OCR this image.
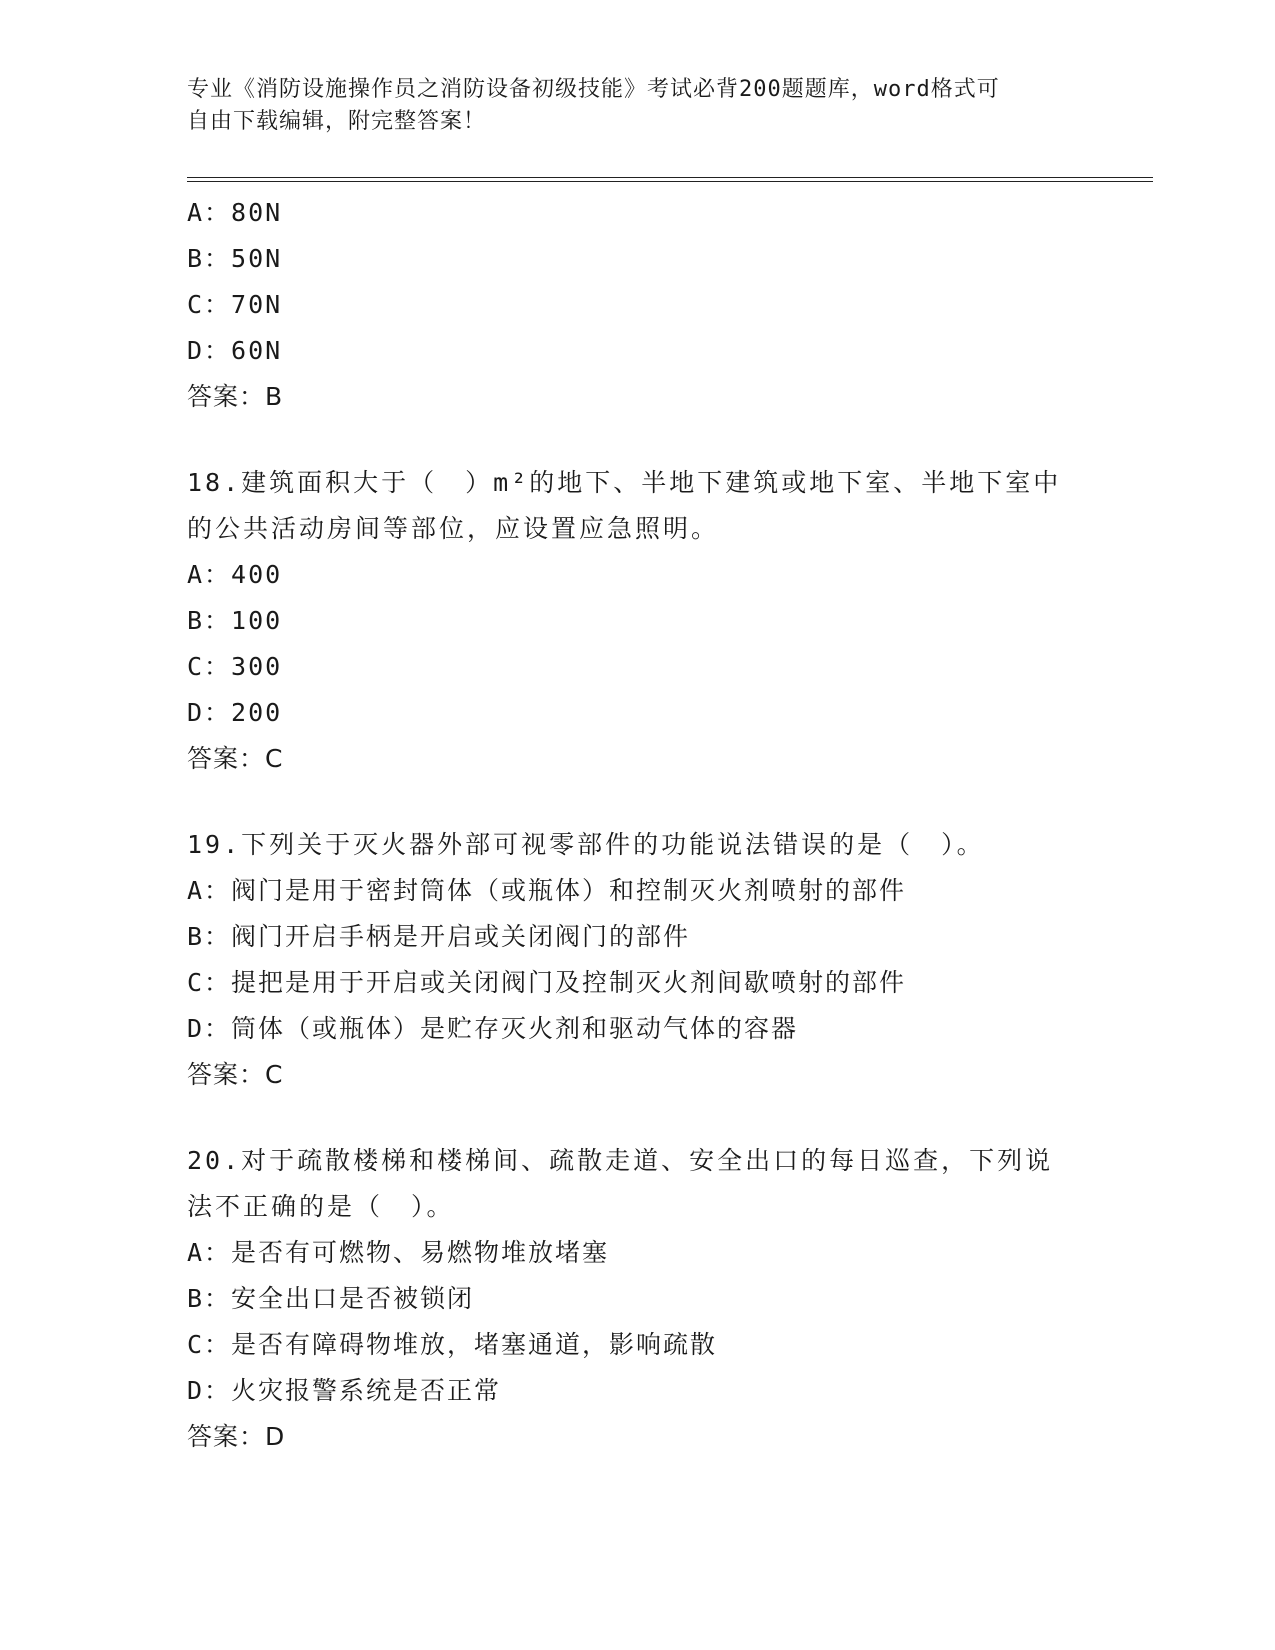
专业《消防设施操作员之消防设备初级技能》考试必背200题题库，word格式可
自由下载编辑，附完整答案！
A：80N
B：50N
C：70N
D：60N
答案：B
18.建筑面积大于（　）m²的地下、半地下建筑或地下室、半地下室中
的公共活动房间等部位，应设置应急照明。
A：400
B：100
C：300
D：200
答案：C
19.下列关于灭火器外部可视零部件的功能说法错误的是（　）。
A：阀门是用于密封筒体（或瓶体）和控制灭火剂喷射的部件
B：阀门开启手柄是开启或关闭阀门的部件
C：提把是用于开启或关闭阀门及控制灭火剂间歇喷射的部件
D：筒体（或瓶体）是贮存灭火剂和驱动气体的容器
答案：C
20.对于疏散楼梯和楼梯间、疏散走道、安全出口的每日巡查，下列说
法不正确的是（　）。
A：是否有可燃物、易燃物堆放堵塞
B：安全出口是否被锁闭
C：是否有障碍物堆放，堵塞通道，影响疏散
D：火灾报警系统是否正常
答案：D
